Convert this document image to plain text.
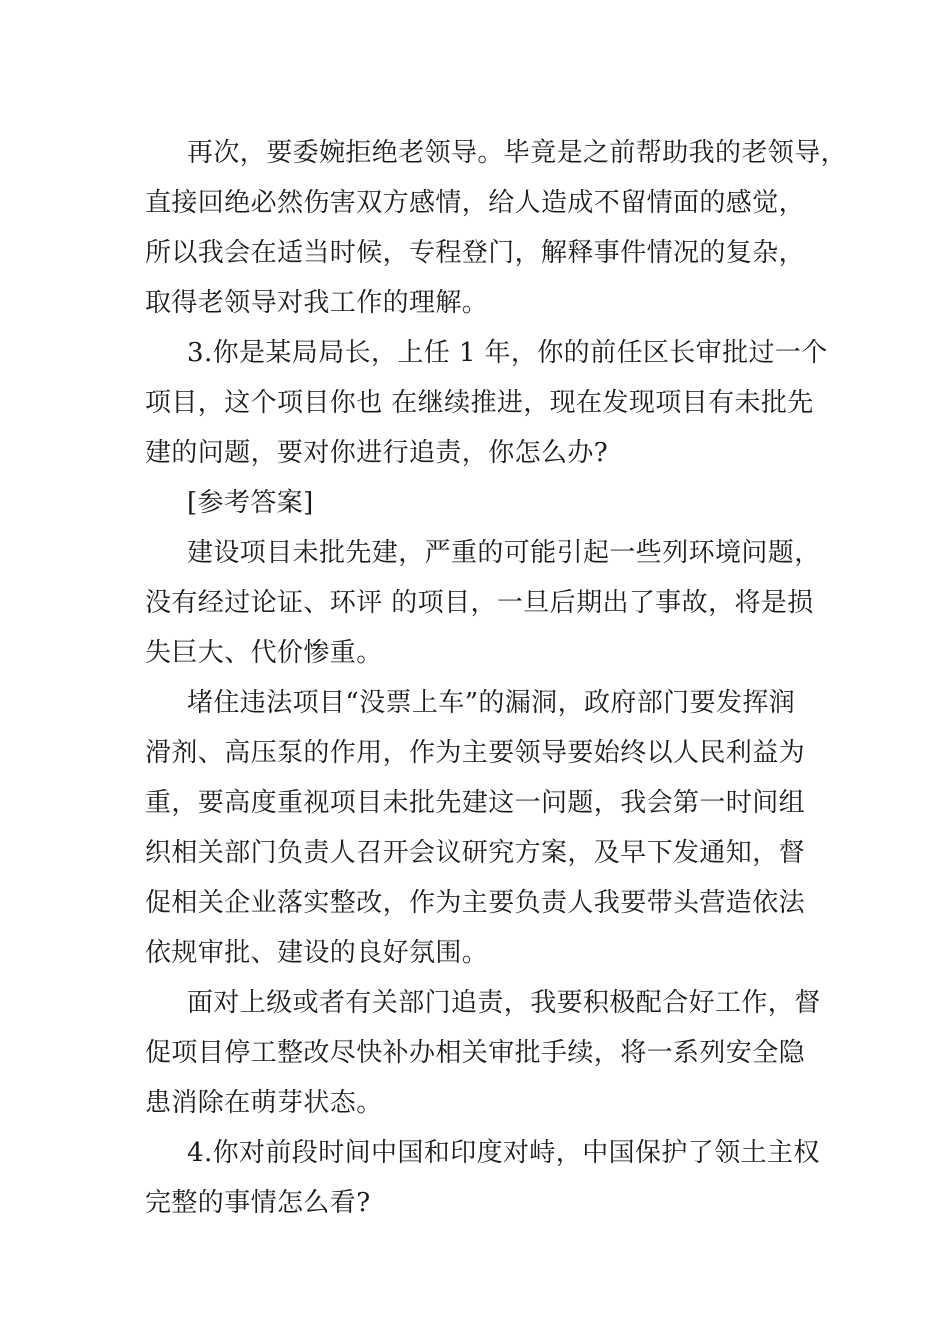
再次，要委婉拒绝老领导。毕竟是之前帮助我的老领导，
直接回绝必然伤害双方感情，给人造成不留情面的感觉，
所以我会在适当时候，专程登门，解释事件情况的复杂，
取得老领导对我工作的理解。
3.你是某局局长，上任 1 年，你的前任区长审批过一个
项目，这个项目你也 在继续推进，现在发现项目有未批先
建的问题，要对你进行追责，你怎么办?
[参考答案]
建设项目未批先建，严重的可能引起一些列环境问题，
没有经过论证、环评 的项目，一旦后期出了事故，将是损
失巨大、代价惨重。
堵住违法项目“没票上车”的漏洞，政府部门要发挥润
滑剂、高压泵的作用，作为主要领导要始终以人民利益为
重，要高度重视项目未批先建这一问题，我会第一时间组
织相关部门负责人召开会议研究方案，及早下发通知，督
促相关企业落实整改，作为主要负责人我要带头营造依法
依规审批、建设的良好氛围。
面对上级或者有关部门追责，我要积极配合好工作，督
促项目停工整改尽快补办相关审批手续，将一系列安全隐
患消除在萌芽状态。
4.你对前段时间中国和印度对峙，中国保护了领土主权
完整的事情怎么看?
